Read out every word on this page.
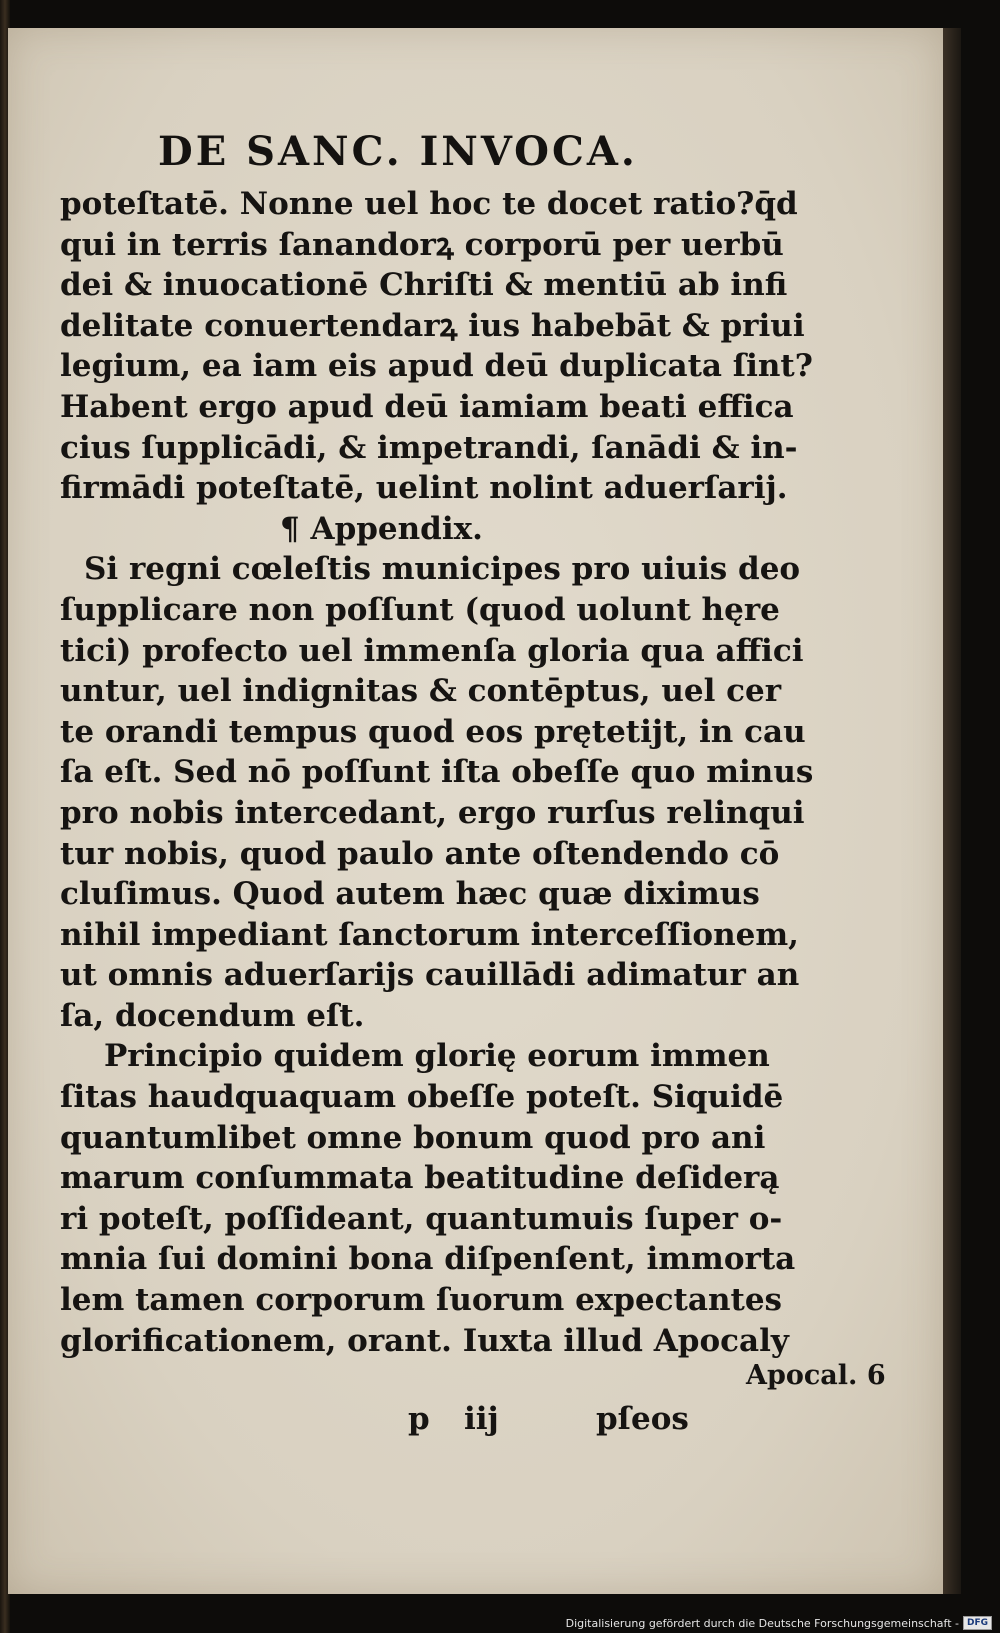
DE SANC. INVOCA.
poteſtatē. Nonne uel hoc te docet ratio?q̄d
qui in terris ſanandorꝝ corporū per uerbū
dei & inuocationē Chriſti & mentiū ab infi
delitate conuertendarꝝ ius habebāt & priui
legium, ea iam eis apud deū duplicata ſint?
Habent ergo apud deū iamiam beati effica
cius ſupplicādi, & impetrandi, ſanādi & in-
firmādi poteſtatē, uelint nolint aduerſarij.
¶ Appendix.
Si regni cœleſtis municipes pro uiuis deo
ſupplicare non poſſunt (quod uolunt hęre
tici) profecto uel immenſa gloria qua affici
untur, uel indignitas & contēptus, uel cer
te orandi tempus quod eos prętetijt, in cau
ſa eſt. Sed nō poſſunt iſta obeſſe quo minus
pro nobis intercedant, ergo rurſus relinqui
tur nobis, quod paulo ante oſtendendo cō
cluſimus. Quod autem hæc quæ diximus
nihil impediant ſanctorum interceſſionem,
ut omnis aduerſarijs cauillādi adimatur an
ſa, docendum eſt.
Principio quidem glorię eorum immen
ſitas haudquaquam obeſſe poteſt. Siquidē
quantumlibet omne bonum quod pro ani
marum conſummata beatitudine deſiderą
ri poteſt, poſſideant, quantumuis ſuper o-
mnia ſui domini bona diſpenſent, immorta
lem tamen corporum ſuorum expectantes
glorificationem, orant. Iuxta illud Apocaly
Apocal. 6
p iij	pſeos
Digitalisierung gefördert durch die Deutsche Forschungsgemeinschaft - DFG
